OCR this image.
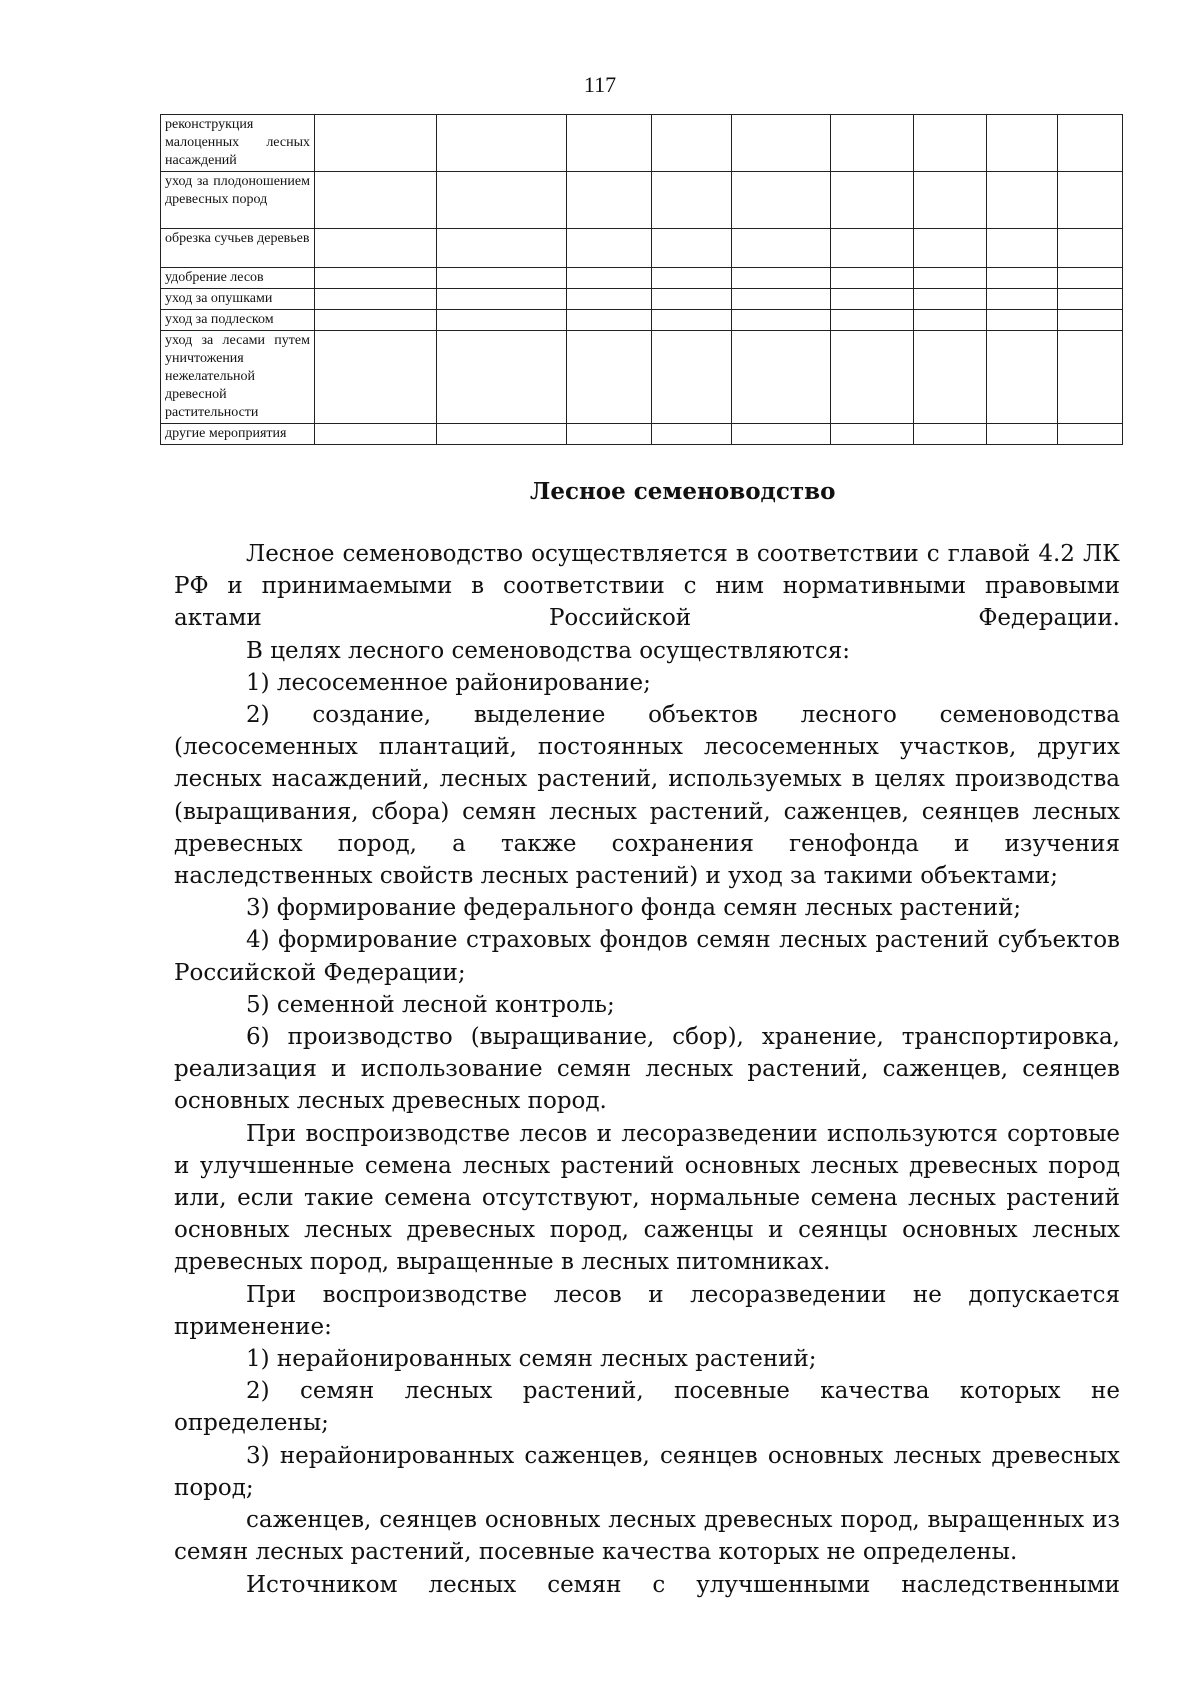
117
реконструкция малоценных лесных насаждений									
уход за плодоношением древесных пород									
обрезка сучьев деревьев									
удобрение лесов									
уход за опушками									
уход за подлеском									
уход за лесами путем уничтожения нежелательной древесной растительности									
другие мероприятия									
Лесное семеноводство

Лесное семеноводство осуществляется в соответствии с главой 4.2 ЛК РФ и принимаемыми в соответствии с ним нормативными правовыми актами Российской Федерации.

В целях лесного семеноводства осуществляются:

1) лесосеменное районирование;

2) создание, выделение объектов лесного семеноводства (лесосеменных плантаций, постоянных лесосеменных участков, других лесных насаждений, лесных растений, используемых в целях производства (выращивания, сбора) семян лесных растений, саженцев, сеянцев лесных древесных пород, а также сохранения генофонда и изучения наследственных свойств лесных растений) и уход за такими объектами;

3) формирование федерального фонда семян лесных растений;

4) формирование страховых фондов семян лесных растений субъектов Российской Федерации;

5) семенной лесной контроль;

6) производство (выращивание, сбор), хранение, транспортировка, реализация и использование семян лесных растений, саженцев, сеянцев основных лесных древесных пород.

При воспроизводстве лесов и лесоразведении используются сортовые и улучшенные семена лесных растений основных лесных древесных пород или, если такие семена отсутствуют, нормальные семена лесных растений основных лесных древесных пород, саженцы и сеянцы основных лесных древесных пород, выращенные в лесных питомниках.

При воспроизводстве лесов и лесоразведении не допускается применение:

1) нерайонированных семян лесных растений;

2) семян лесных растений, посевные качества которых не определены;

3) нерайонированных саженцев, сеянцев основных лесных древесных пород;

саженцев, сеянцев основных лесных древесных пород, выращенных из семян лесных растений, посевные качества которых не определены.

Источником лесных семян с улучшенными наследственными
